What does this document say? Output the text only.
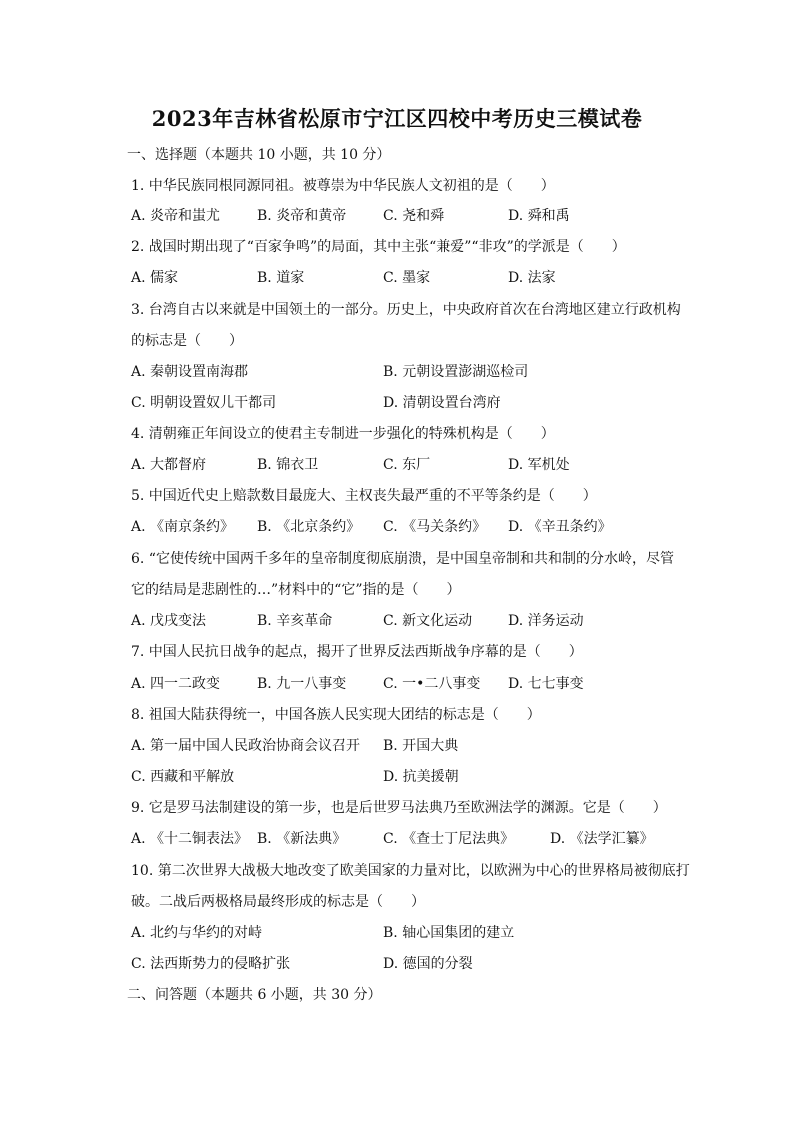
2023年吉林省松原市宁江区四校中考历史三模试卷
一、选择题（本题共 10 小题，共 10 分）
1. 中华民族同根同源同祖。被尊崇为中华民族人文初祖的是（　　）
A. 炎帝和蚩尤	B. 炎帝和黄帝	C. 尧和舜	D. 舜和禹
2. 战国时期出现了“百家争鸣”的局面，其中主张“兼爱”“非攻”的学派是（　　）
A. 儒家	B. 道家	C. 墨家	D. 法家
3. 台湾自古以来就是中国领土的一部分。历史上，中央政府首次在台湾地区建立行政机构
的标志是（　　）
A. 秦朝设置南海郡	B. 元朝设置澎湖巡检司
C. 明朝设置奴儿干都司	D. 清朝设置台湾府
4. 清朝雍正年间设立的使君主专制进一步强化的特殊机构是（　　）
A. 大都督府	B. 锦衣卫	C. 东厂	D. 军机处
5. 中国近代史上赔款数目最庞大、主权丧失最严重的不平等条约是（　　）
A. 《南京条约》 B. 《北京条约》 C. 《马关条约》 D. 《辛丑条约》
6. “它使传统中国两千多年的皇帝制度彻底崩溃，是中国皇帝制和共和制的分水岭，尽管
它的结局是悲剧性的…”材料中的“它”指的是（　　）
A. 戊戌变法	B. 辛亥革命	C. 新文化运动	D. 洋务运动
7. 中国人民抗日战争的起点，揭开了世界反法西斯战争序幕的是（　　）
A. 四一二政变	B. 九一八事变	C. 一•二八事变 D. 七七事变
8. 祖国大陆获得统一，中国各族人民实现大团结的标志是（　　）
A. 第一届中国人民政治协商会议召开 B. 开国大典
C. 西藏和平解放	D. 抗美援朝
9. 它是罗马法制建设的第一步，也是后世罗马法典乃至欧洲法学的渊源。它是（　　）
A. 《十二铜表法》 B. 《新法典》	C. 《查士丁尼法典》	D. 《法学汇纂》
10. 第二次世界大战极大地改变了欧美国家的力量对比，以欧洲为中心的世界格局被彻底打
破。二战后两极格局最终形成的标志是（　　）
A. 北约与华约的对峙	B. 轴心国集团的建立
C. 法西斯势力的侵略扩张	D. 德国的分裂
二、问答题（本题共 6 小题，共 30 分）
